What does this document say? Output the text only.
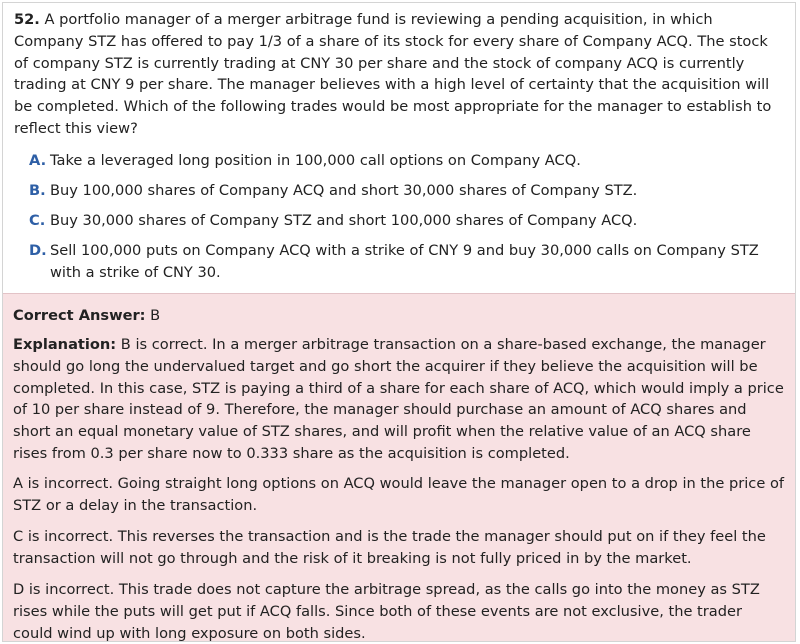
52. A portfolio manager of a merger arbitrage fund is reviewing a pending acquisition, in which Company STZ has offered to pay 1/3 of a share of its stock for every share of Company ACQ. The stock of company STZ is currently trading at CNY 30 per share and the stock of company ACQ is currently trading at CNY 9 per share. The manager believes with a high level of certainty that the acquisition will be completed. Which of the following trades would be most appropriate for the manager to establish to reflect this view?
A. Take a leveraged long position in 100,000 call options on Company ACQ.
B. Buy 100,000 shares of Company ACQ and short 30,000 shares of Company STZ.
C. Buy 30,000 shares of Company STZ and short 100,000 shares of Company ACQ.
D. Sell 100,000 puts on Company ACQ with a strike of CNY 9 and buy 30,000 calls on Company STZ with a strike of CNY 30.
Correct Answer: B

Explanation: B is correct. In a merger arbitrage transaction on a share-based exchange, the manager should go long the undervalued target and go short the acquirer if they believe the acquisition will be completed. In this case, STZ is paying a third of a share for each share of ACQ, which would imply a price of 10 per share instead of 9. Therefore, the manager should purchase an amount of ACQ shares and short an equal monetary value of STZ shares, and will profit when the relative value of an ACQ share rises from 0.3 per share now to 0.333 share as the acquisition is completed.

A is incorrect. Going straight long options on ACQ would leave the manager open to a drop in the price of STZ or a delay in the transaction.

C is incorrect. This reverses the transaction and is the trade the manager should put on if they feel the transaction will not go through and the risk of it breaking is not fully priced in by the market.

D is incorrect. This trade does not capture the arbitrage spread, as the calls go into the money as STZ rises while the puts will get put if ACQ falls. Since both of these events are not exclusive, the trader could wind up with long exposure on both sides.
